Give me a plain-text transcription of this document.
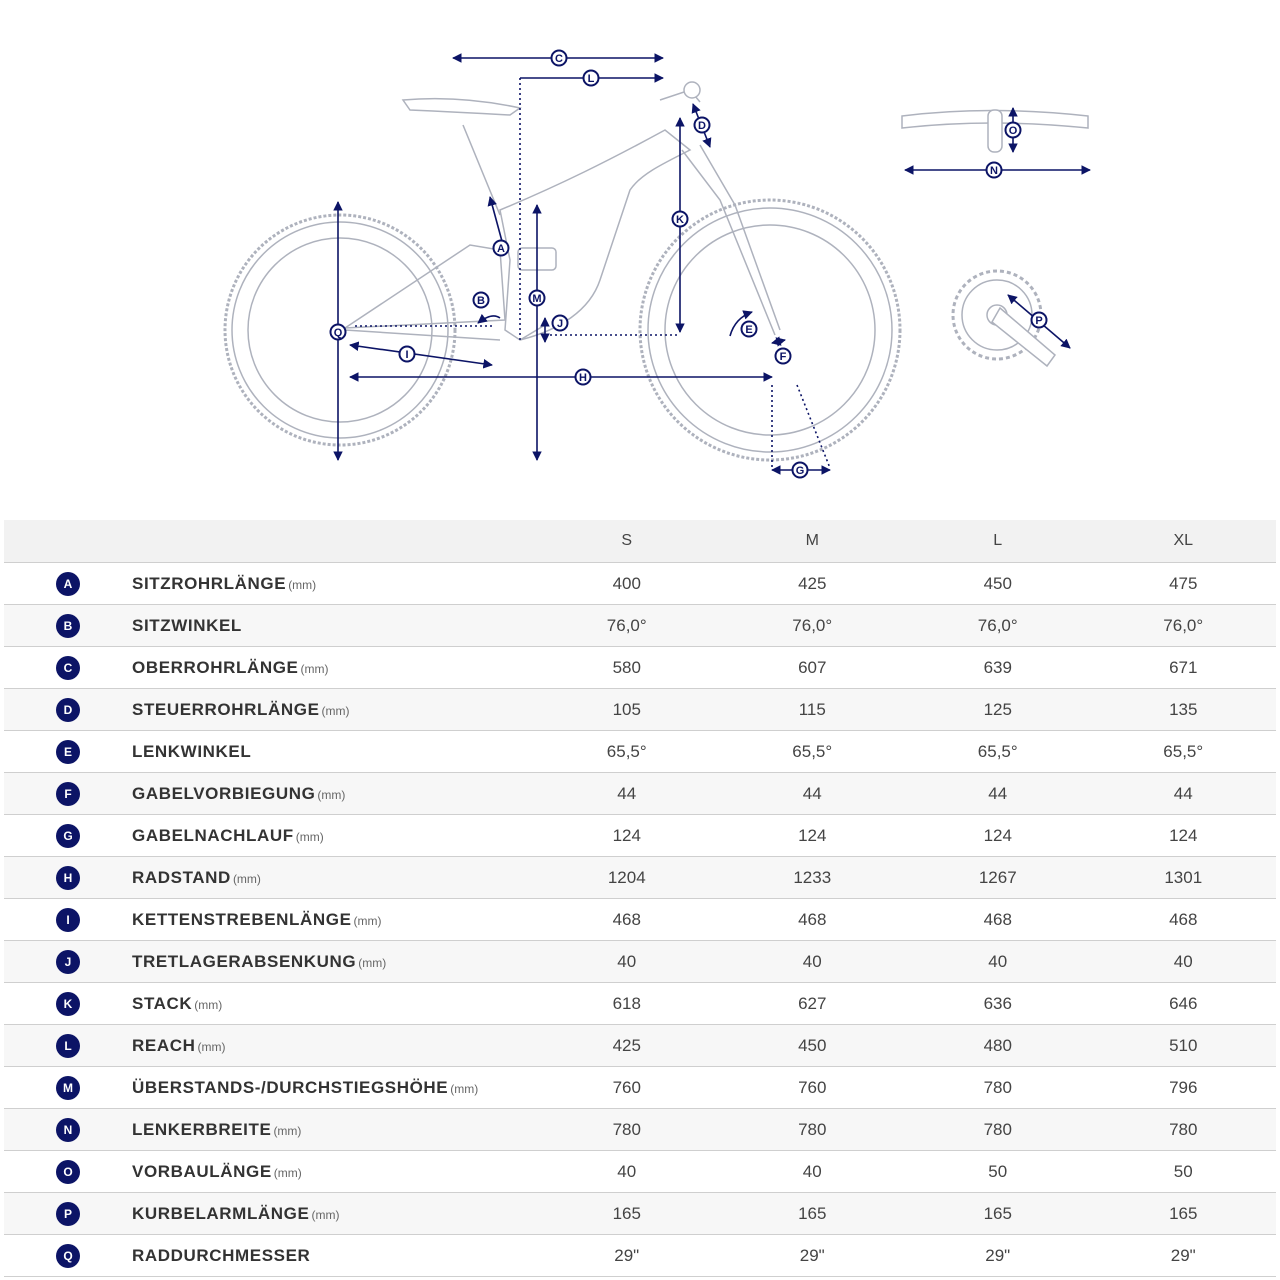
A
B
C
D
E
F
G
H
I
J
K
L
M
N
O
P
Q
		S	M	L	XL
A	SITZROHRLÄNGE (mm)	400	425	450	475
B	SITZWINKEL	76,0°	76,0°	76,0°	76,0°
C	OBERROHRLÄNGE (mm)	580	607	639	671
D	STEUERROHRLÄNGE (mm)	105	115	125	135
E	LENKWINKEL	65,5°	65,5°	65,5°	65,5°
F	GABELVORBIEGUNG (mm)	44	44	44	44
G	GABELNACHLAUF (mm)	124	124	124	124
H	RADSTAND (mm)	1204	1233	1267	1301
I	KETTENSTREBENLÄNGE (mm)	468	468	468	468
J	TRETLAGERABSENKUNG (mm)	40	40	40	40
K	STACK (mm)	618	627	636	646
L	REACH (mm)	425	450	480	510
M	ÜBERSTANDS-/DURCHSTIEGSHÖHE (mm)	760	760	780	796
N	LENKERBREITE (mm)	780	780	780	780
O	VORBAULÄNGE (mm)	40	40	50	50
P	KURBELARMLÄNGE (mm)	165	165	165	165
Q	RADDURCHMESSER	29"	29"	29"	29"
